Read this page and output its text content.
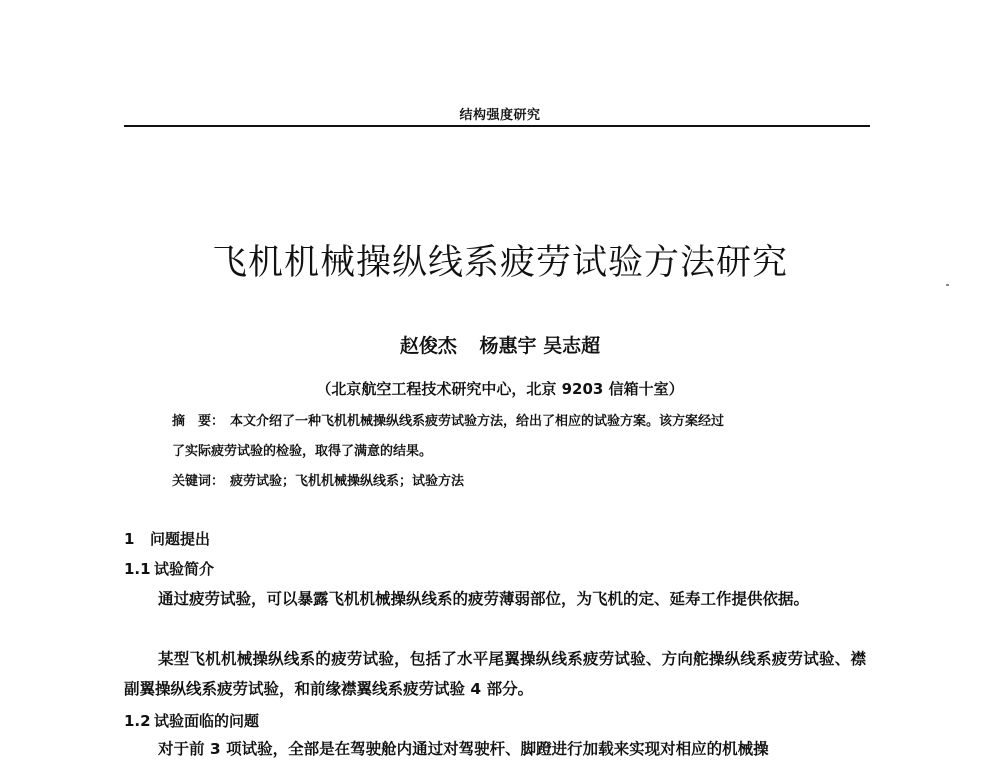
结构强度研究
飞机机械操纵线系疲劳试验方法研究
赵俊杰 杨惠宇 吴志超
（北京航空工程技术研究中心，北京 9203 信箱十室）
摘　要： 本文介绍了一种飞机机械操纵线系疲劳试验方法，给出了相应的试验方案。该方案经过
了实际疲劳试验的检验，取得了满意的结果。
关键词： 疲劳试验；飞机机械操纵线系；试验方法
1 问题提出
1.1 试验简介
通过疲劳试验，可以暴露飞机机械操纵线系的疲劳薄弱部位，为飞机的定、延寿工作提供依据。
某型飞机机械操纵线系的疲劳试验，包括了水平尾翼操纵线系疲劳试验、方向舵操纵线系疲劳试验、襟副翼操纵线系疲劳试验，和前缘襟翼线系疲劳试验 4 部分。
1.2 试验面临的问题
对于前 3 项试验，全部是在驾驶舱内通过对驾驶杆、脚蹬进行加载来实现对相应的机械操
